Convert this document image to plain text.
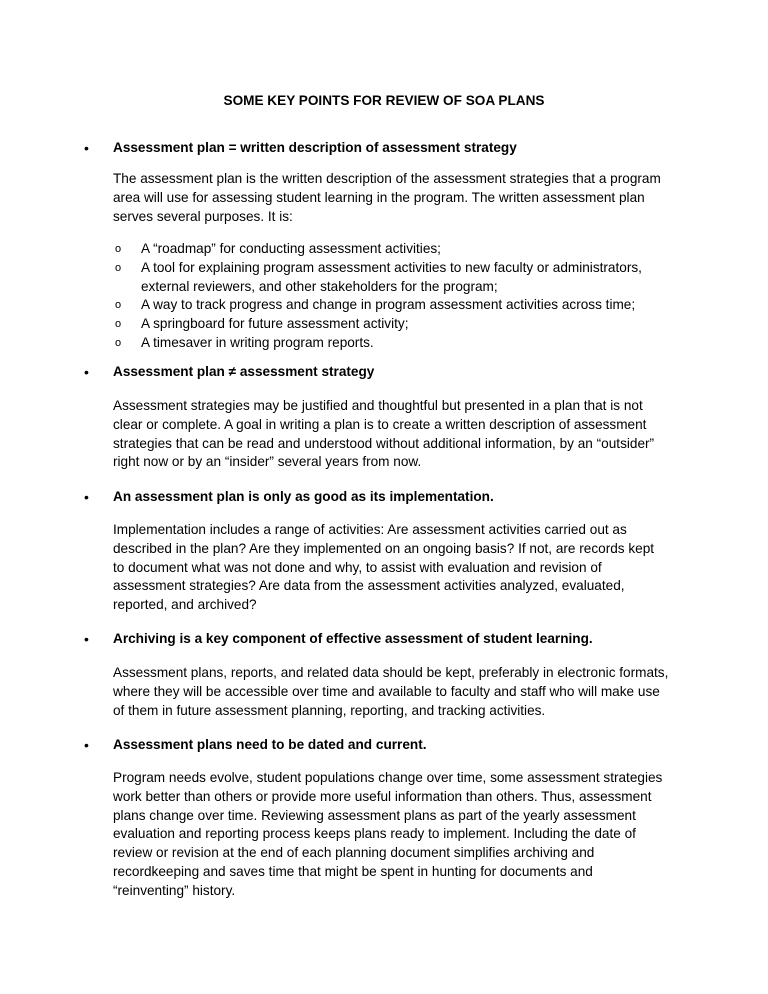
SOME KEY POINTS FOR REVIEW OF SOA PLANS
• Assessment plan = written description of assessment strategy
The assessment plan is the written description of the assessment strategies that a program
area will use for assessing student learning in the program. The written assessment plan
serves several purposes. It is:
o A “roadmap” for conducting assessment activities;
o A tool for explaining program assessment activities to new faculty or administrators,
external reviewers, and other stakeholders for the program;
o A way to track progress and change in program assessment activities across time;
o A springboard for future assessment activity;
o A timesaver in writing program reports.
• Assessment plan ≠ assessment strategy
Assessment strategies may be justified and thoughtful but presented in a plan that is not
clear or complete. A goal in writing a plan is to create a written description of assessment
strategies that can be read and understood without additional information, by an “outsider”
right now or by an “insider” several years from now.
• An assessment plan is only as good as its implementation.
Implementation includes a range of activities: Are assessment activities carried out as
described in the plan? Are they implemented on an ongoing basis? If not, are records kept
to document what was not done and why, to assist with evaluation and revision of
assessment strategies? Are data from the assessment activities analyzed, evaluated,
reported, and archived?
• Archiving is a key component of effective assessment of student learning.
Assessment plans, reports, and related data should be kept, preferably in electronic formats,
where they will be accessible over time and available to faculty and staff who will make use
of them in future assessment planning, reporting, and tracking activities.
• Assessment plans need to be dated and current.
Program needs evolve, student populations change over time, some assessment strategies
work better than others or provide more useful information than others. Thus, assessment
plans change over time. Reviewing assessment plans as part of the yearly assessment
evaluation and reporting process keeps plans ready to implement. Including the date of
review or revision at the end of each planning document simplifies archiving and
recordkeeping and saves time that might be spent in hunting for documents and
“reinventing” history.
